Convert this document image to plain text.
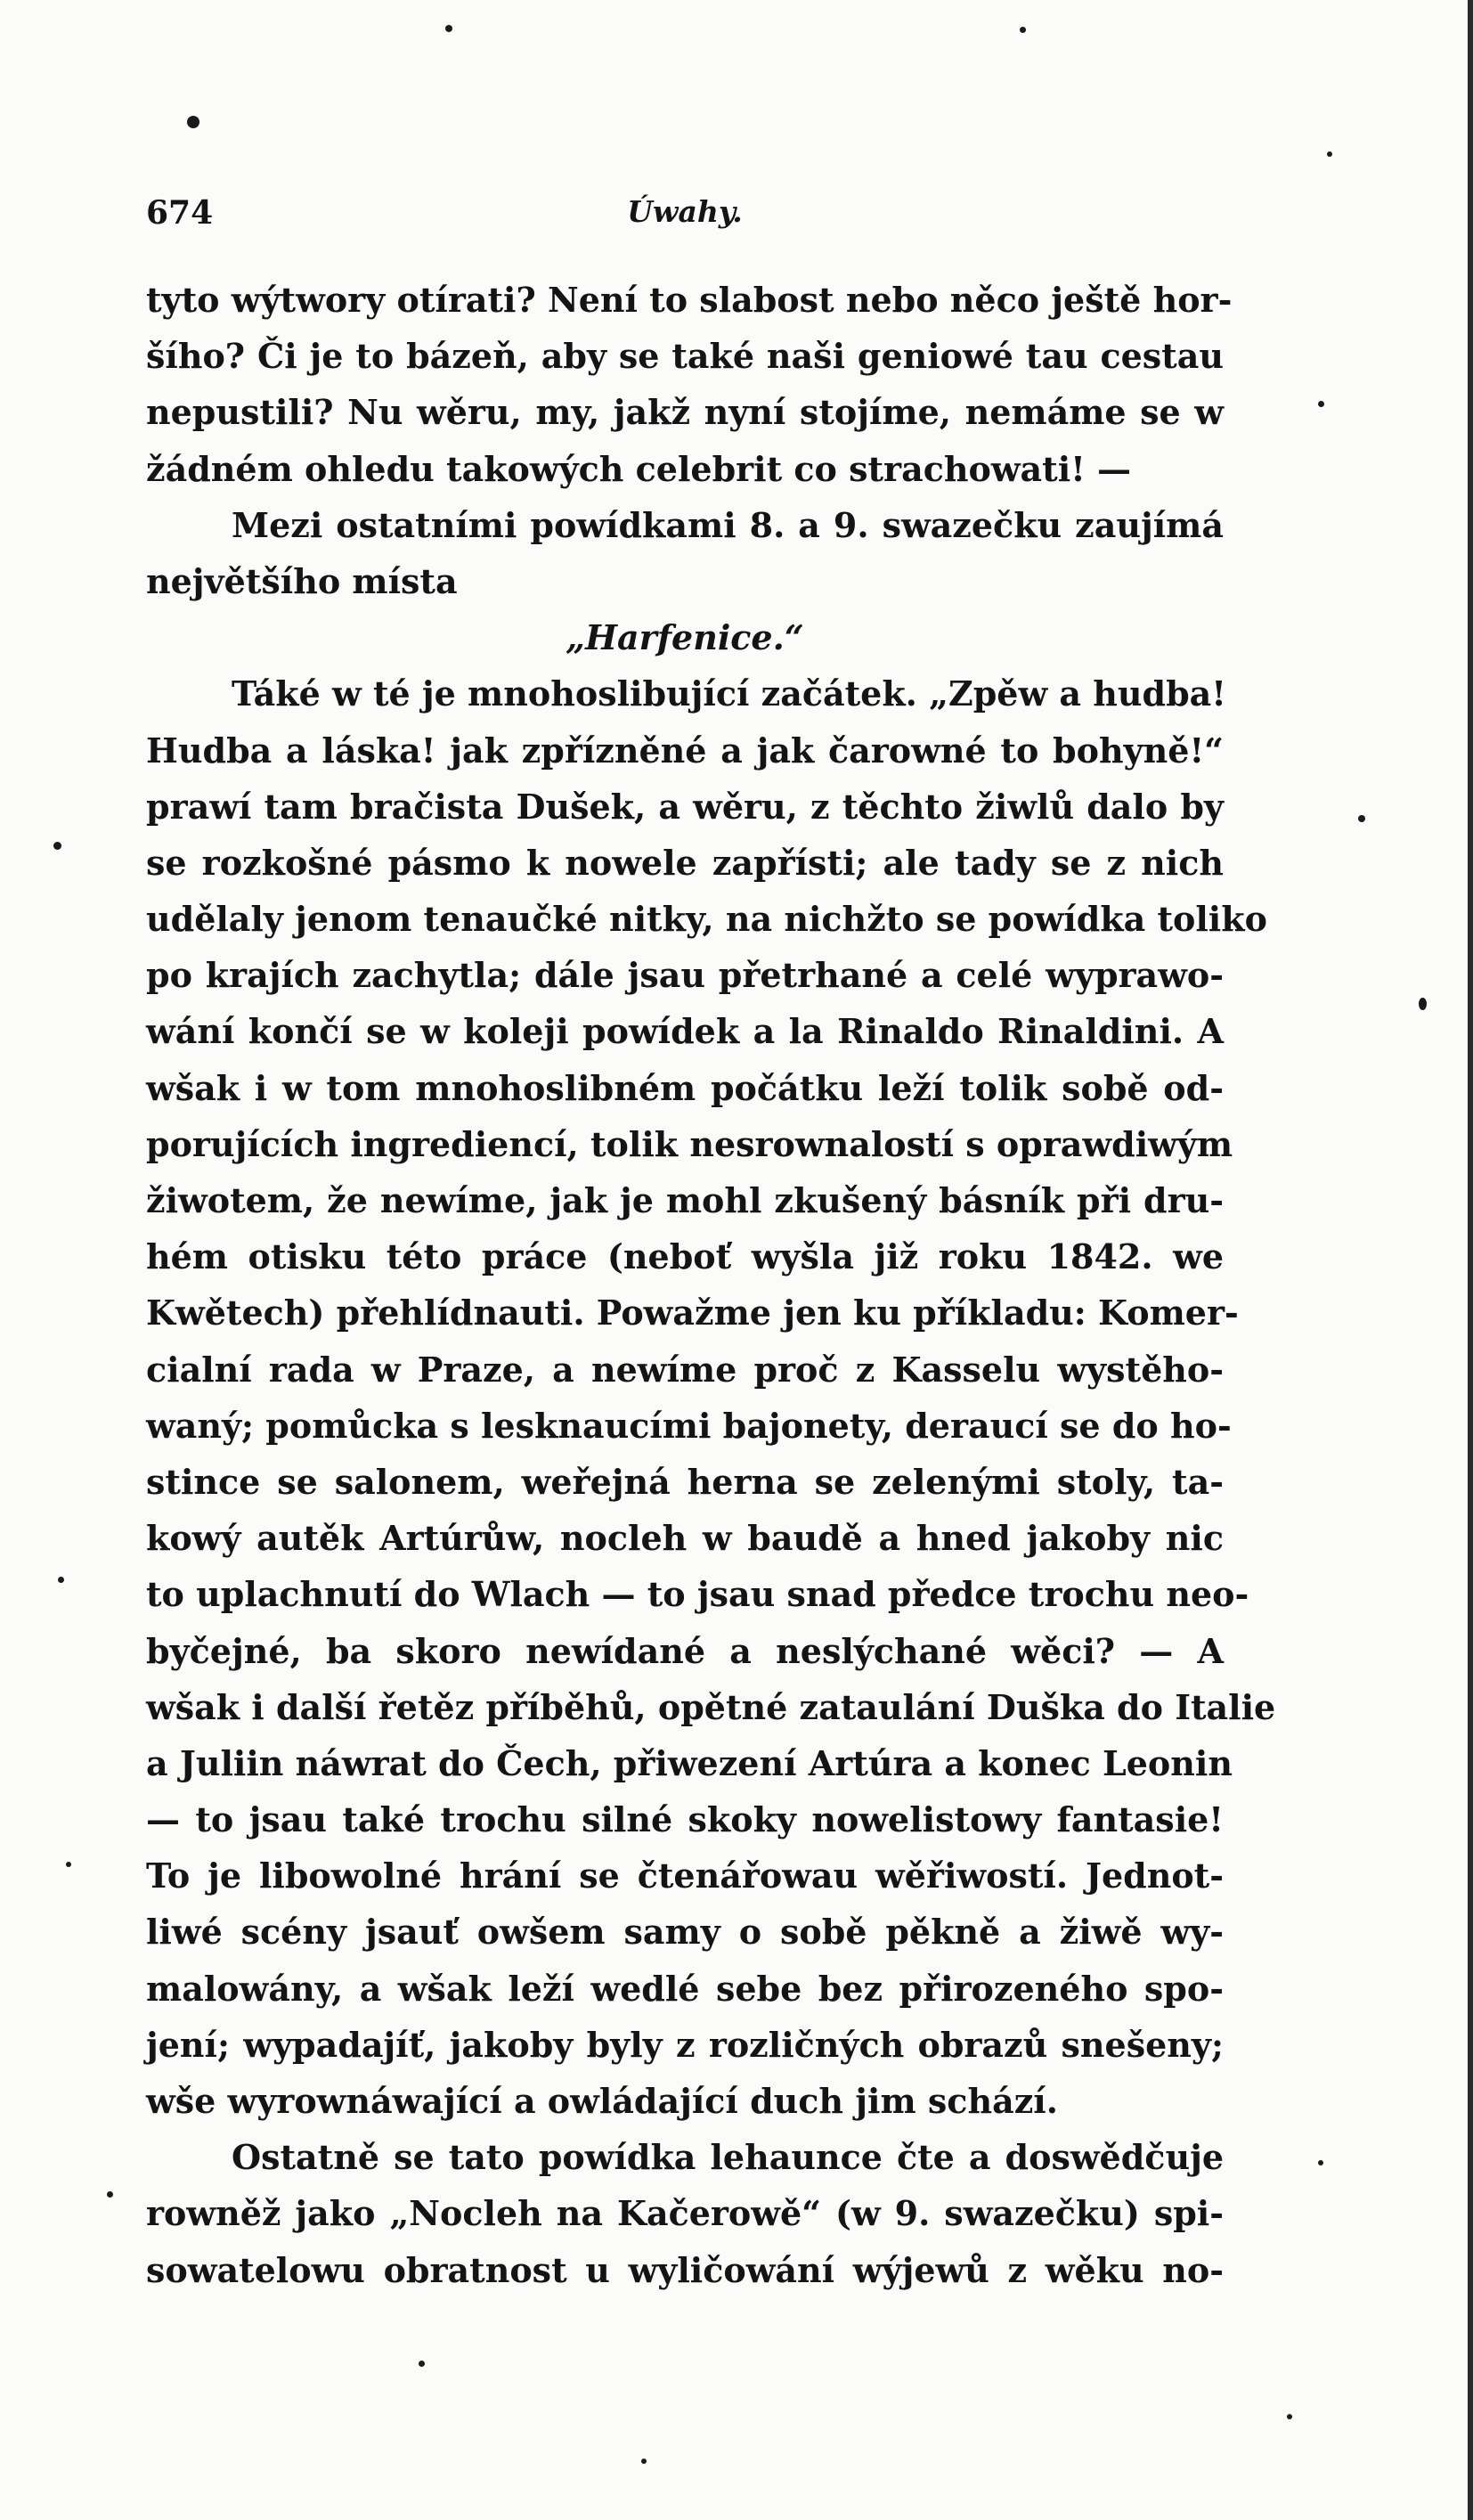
674	Úwahy.
tyto wýtwory otírati? Není to slabost nebo něco ještě hor-
šího? Či je to bázeň, aby se také naši geniowé tau cestau
nepustili? Nu wěru, my, jakž nyní stojíme, nemáme se w
žádném ohledu takowých celebrit co strachowati! —
Mezi ostatními powídkami 8. a 9. swazečku zaujímá
největšího místa
„Harfenice.“
Táké w té je mnohoslibující začátek. „Zpěw a hudba!
Hudba a láska! jak zpřízněné a jak čarowné to bohyně!“
prawí tam bračista Dušek, a wěru, z těchto žiwlů dalo by
se rozkošné pásmo k nowele zapřísti; ale tady se z nich
udělaly jenom tenaučké nitky, na nichžto se powídka toliko
po krajích zachytla; dále jsau přetrhané a celé wyprawo-
wání končí se w koleji powídek a la Rinaldo Rinaldini. A
wšak i w tom mnohoslibném počátku leží tolik sobě od-
porujících ingrediencí, tolik nesrownalostí s oprawdiwým
žiwotem, že newíme, jak je mohl zkušený básník při dru-
hém otisku této práce (neboť wyšla již roku 1842. we
Kwětech) přehlídnauti. Powažme jen ku příkladu: Komer-
cialní rada w Praze, a newíme proč z Kasselu wystěho-
waný; pomůcka s lesknaucími bajonety, deraucí se do ho-
stince se salonem, weřejná herna se zelenými stoly, ta-
kowý autěk Artúrůw, nocleh w baudě a hned jakoby nic
to uplachnutí do Wlach — to jsau snad předce trochu neo-
byčejné, ba skoro newídané a neslýchané wěci? — A
wšak i další řetěz příběhů, opětné zataulání Duška do Italie
a Juliin náwrat do Čech, přiwezení Artúra a konec Leonin
— to jsau také trochu silné skoky nowelistowy fantasie!
To je libowolné hrání se čtenářowau wěřiwostí. Jednot-
liwé scény jsauť owšem samy o sobě pěkně a žiwě wy-
malowány, a wšak leží wedlé sebe bez přirozeného spo-
jení; wypadajíť, jakoby byly z rozličných obrazů snešeny;
wše wyrownáwající a owládající duch jim schází.
Ostatně se tato powídka lehaunce čte a doswědčuje
rowněž jako „Nocleh na Kačerowě“ (w 9. swazečku) spi-
sowatelowu obratnost u wyličowání wýjewů z wěku no-
